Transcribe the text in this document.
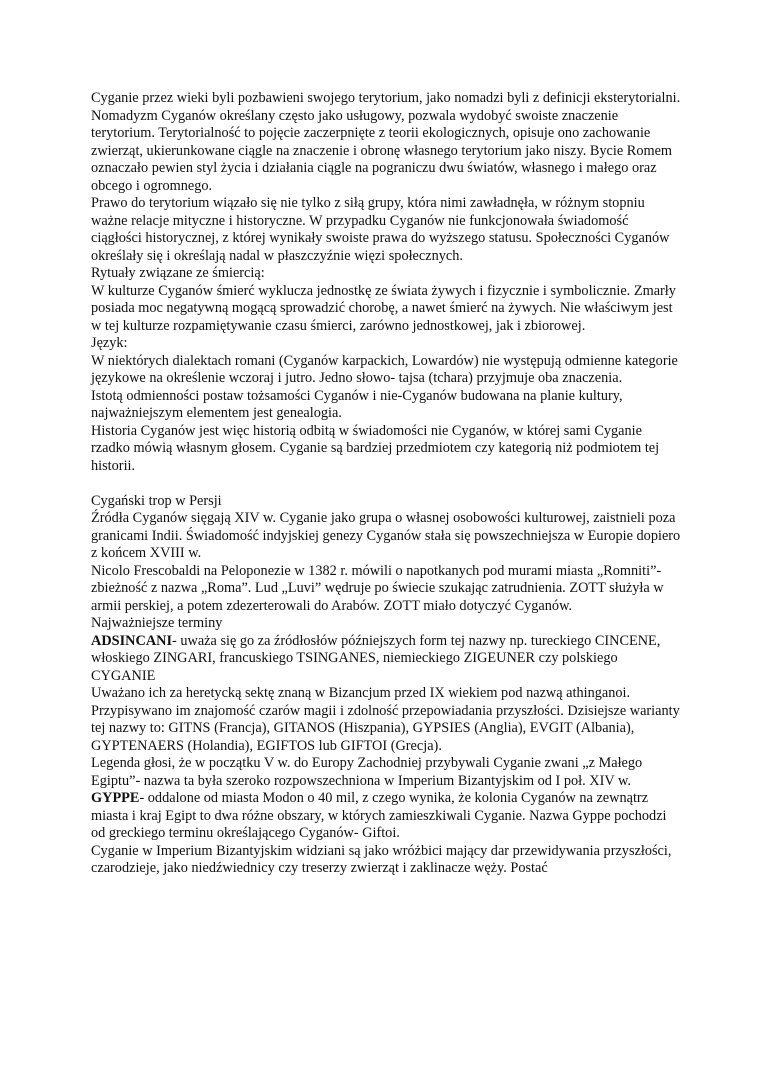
Cyganie przez wieki byli pozbawieni swojego terytorium, jako nomadzi byli z definicji eksterytorialni. Nomadyzm Cyganów określany często jako usługowy, pozwala wydobyć swoiste znaczenie terytorium. Terytorialność to pojęcie zaczerpnięte z teorii ekologicznych, opisuje ono zachowanie zwierząt, ukierunkowane ciągle na znaczenie i obronę własnego terytorium jako niszy. Bycie Romem oznaczało pewien styl życia i działania ciągle na pograniczu dwu światów, własnego i małego oraz obcego i ogromnego.

Prawo do terytorium wiązało się nie tylko z siłą grupy, która nimi zawładnęła, w różnym stopniu ważne relacje mityczne i historyczne. W przypadku Cyganów nie funkcjonowała świadomość ciągłości historycznej, z której wynikały swoiste prawa do wyższego statusu. Społeczności Cyganów określały się i określają nadal w płaszczyźnie więzi społecznych.

Rytuały związane ze śmiercią:

W kulturze Cyganów śmierć wyklucza jednostkę ze świata żywych i fizycznie i symbolicznie. Zmarły posiada moc negatywną mogącą sprowadzić chorobę, a nawet śmierć na żywych. Nie właściwym jest w tej kulturze rozpamiętywanie czasu śmierci, zarówno jednostkowej, jak i zbiorowej.

Język:

W niektórych dialektach romani (Cyganów karpackich, Lowardów) nie występują odmienne kategorie językowe na określenie wczoraj i jutro. Jedno słowo- tajsa (tchara) przyjmuje oba znaczenia.

Istotą odmienności postaw tożsamości Cyganów i nie-Cyganów budowana na planie kultury, najważniejszym elementem jest genealogia.

Historia Cyganów jest więc historią odbitą w świadomości nie Cyganów, w której sami Cyganie rzadko mówią własnym głosem. Cyganie są bardziej przedmiotem czy kategorią niż podmiotem tej historii.

Cygański trop w Persji

Źródła Cyganów sięgają XIV w. Cyganie jako grupa o własnej osobowości kulturowej, zaistnieli poza granicami Indii. Świadomość indyjskiej genezy Cyganów stała się powszechniejsza w Europie dopiero z końcem XVIII w.

Nicolo Frescobaldi na Peloponezie w 1382 r. mówili o napotkanych pod murami miasta „Romniti”- zbieżność z nazwa „Roma”. Lud „Luvi” wędruje po świecie szukając zatrudnienia. ZOTT służyła w armii perskiej, a potem zdezerterowali do Arabów. ZOTT miało dotyczyć Cyganów.

Najważniejsze terminy

ADSINCANI- uważa się go za źródłosłów późniejszych form tej nazwy np. tureckiego CINCENE, włoskiego ZINGARI, francuskiego TSINGANES, niemieckiego ZIGEUNER czy polskiego CYGANIE

Uważano ich za heretycką sektę znaną w Bizancjum przed IX wiekiem pod nazwą athinganoi. Przypisywano im znajomość czarów magii i zdolność przepowiadania przyszłości. Dzisiejsze warianty tej nazwy to: GITNS (Francja), GITANOS (Hiszpania), GYPSIES (Anglia), EVGIT (Albania), GYPTENAERS (Holandia), EGIFTOS lub GIFTOI (Grecja).

Legenda głosi, że w początku V w. do Europy Zachodniej przybywali Cyganie zwani „z Małego Egiptu”- nazwa ta była szeroko rozpowszechniona w Imperium Bizantyjskim od I poł. XIV w.

GYPPE- oddalone od miasta Modon o 40 mil, z czego wynika, że kolonia Cyganów na zewnątrz miasta i kraj Egipt to dwa różne obszary, w których zamieszkiwali Cyganie. Nazwa Gyppe pochodzi od greckiego terminu określającego Cyganów- Giftoi.

Cyganie w Imperium Bizantyjskim widziani są jako wróżbici mający dar przewidywania przyszłości, czarodzieje, jako niedźwiednicy czy treserzy zwierząt i zaklinacze węży. Postać
